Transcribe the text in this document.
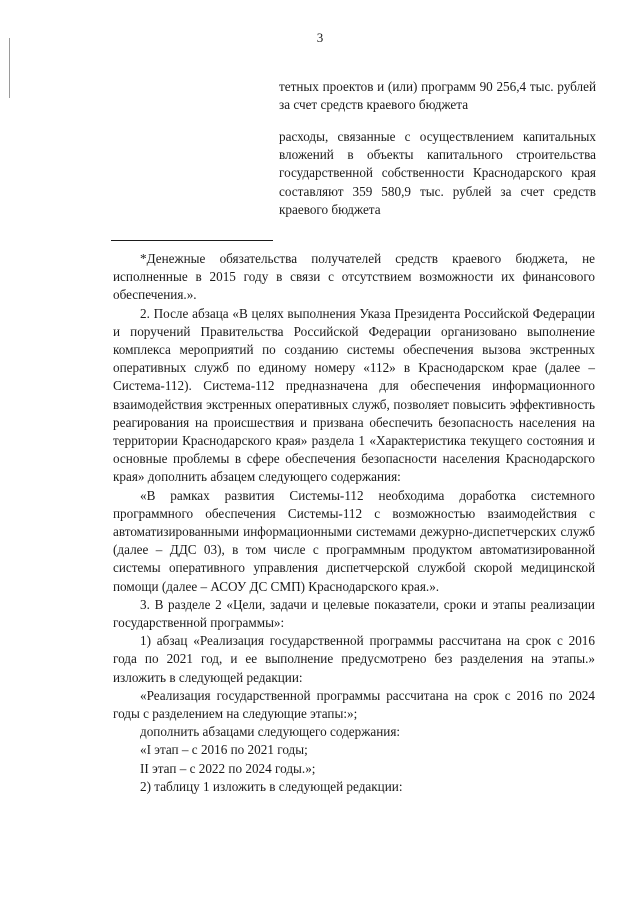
3

тетных проектов и (или) программ 90 256,4 тыс. рублей за счет средств краевого бюджета

расходы, связанные с осуществлением капитальных вложений в объекты капитального строительства государственной собственности Краснодарского края составляют 359 580,9 тыс. рублей за счет средств краевого бюджета

*Денежные обязательства получателей средств краевого бюджета, не исполненные в 2015 году в связи с отсутствием возможности их финансового обеспечения.».

2. После абзаца «В целях выполнения Указа Президента Российской Федерации и поручений Правительства Российской Федерации организовано выполнение комплекса мероприятий по созданию системы обеспечения вызова экстренных оперативных служб по единому номеру «112» в Краснодарском крае (далее – Система-112). Система-112 предназначена для обеспечения информационного взаимодействия экстренных оперативных служб, позволяет повысить эффективность реагирования на происшествия и призвана обеспечить безопасность населения на территории Краснодарского края» раздела 1 «Характеристика текущего состояния и основные проблемы в сфере обеспечения безопасности населения Краснодарского края» дополнить абзацем следующего содержания:

«В рамках развития Системы-112 необходима доработка системного программного обеспечения Системы-112 с возможностью взаимодействия с автоматизированными информационными системами дежурно-диспетчерских служб (далее – ДДС 03), в том числе с программным продуктом автоматизированной системы оперативного управления диспетчерской службой скорой медицинской помощи (далее – АСОУ ДС СМП) Краснодарского края.».

3. В разделе 2 «Цели, задачи и целевые показатели, сроки и этапы реализации государственной программы»:

1) абзац «Реализация государственной программы рассчитана на срок с 2016 года по 2021 год, и ее выполнение предусмотрено без разделения на этапы.» изложить в следующей редакции:

«Реализация государственной программы рассчитана на срок с 2016 по 2024 годы с разделением на следующие этапы:»;

дополнить абзацами следующего содержания:

«I этап – с 2016 по 2021 годы;

II этап – с 2022 по 2024 годы.»;

2) таблицу 1 изложить в следующей редакции:
